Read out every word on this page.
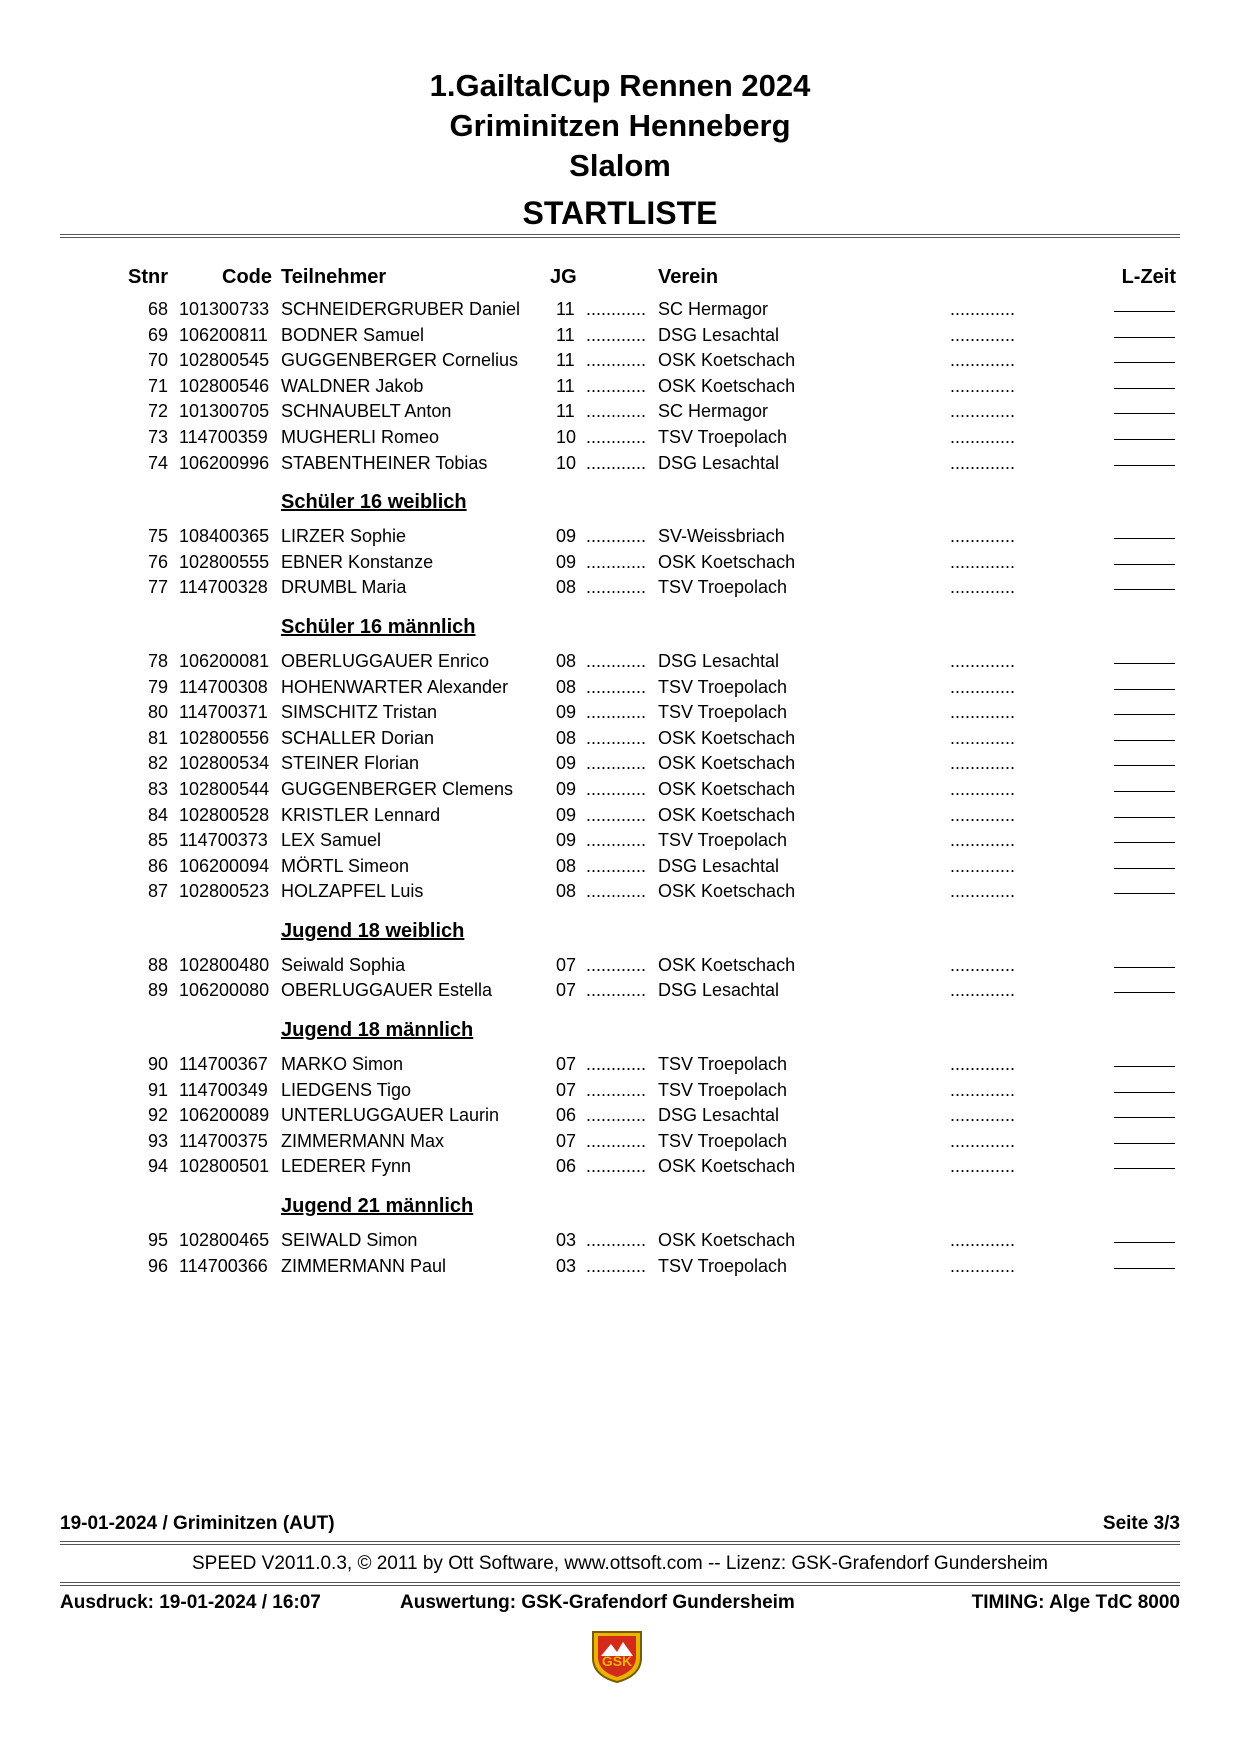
1.GailtalCup Rennen 2024
Griminitzen Henneberg
Slalom
STARTLISTE
Stnr	Code Teilnehmer	JG	Verein	L-Zeit
68 101300733 SCHNEIDERGRUBER Daniel 11 ............ SC Hermagor	.............
69 106200811 BODNER Samuel	11 ............ DSG Lesachtal	.............
70 102800545 GUGGENBERGER Cornelius 11 ............ OSK Koetschach	.............
71 102800546 WALDNER Jakob	11 ............ OSK Koetschach	.............
72 101300705 SCHNAUBELT Anton	11 ............ SC Hermagor	.............
73 114700359 MUGHERLI Romeo	10 ............ TSV Troepolach	.............
74 106200996 STABENTHEINER Tobias	10 ............ DSG Lesachtal	.............
Schüler 16 weiblich
75 108400365 LIRZER Sophie	09 ............ SV-Weissbriach	.............
76 102800555 EBNER Konstanze	09 ............ OSK Koetschach	.............
77 114700328 DRUMBL Maria	08 ............ TSV Troepolach	.............
Schüler 16 männlich
78 106200081 OBERLUGGAUER Enrico	08 ............ DSG Lesachtal	.............
79 114700308 HOHENWARTER Alexander	08 ............ TSV Troepolach	.............
80 114700371 SIMSCHITZ Tristan	09 ............ TSV Troepolach	.............
81 102800556 SCHALLER Dorian	08 ............ OSK Koetschach	.............
82 102800534 STEINER Florian	09 ............ OSK Koetschach	.............
83 102800544 GUGGENBERGER Clemens 09 ............ OSK Koetschach	.............
84 102800528 KRISTLER Lennard	09 ............ OSK Koetschach	.............
85 114700373 LEX Samuel	09 ............ TSV Troepolach	.............
86 106200094 MÖRTL Simeon	08 ............ DSG Lesachtal	.............
87 102800523 HOLZAPFEL Luis	08 ............ OSK Koetschach	.............
Jugend 18 weiblich
88 102800480 Seiwald Sophia	07 ............ OSK Koetschach	.............
89 106200080 OBERLUGGAUER Estella	07 ............ DSG Lesachtal	.............
Jugend 18 männlich
90 114700367 MARKO Simon	07 ............ TSV Troepolach	.............
91 114700349 LIEDGENS Tigo	07 ............ TSV Troepolach	.............
92 106200089 UNTERLUGGAUER Laurin	06 ............ DSG Lesachtal	.............
93 114700375 ZIMMERMANN Max	07 ............ TSV Troepolach	.............
94 102800501 LEDERER Fynn	06 ............ OSK Koetschach	.............
Jugend 21 männlich
95 102800465 SEIWALD Simon	03 ............ OSK Koetschach	.............
96 114700366 ZIMMERMANN Paul	03 ............ TSV Troepolach	.............
19-01-2024 / Griminitzen (AUT)	Seite 3/3
SPEED V2011.0.3, © 2011 by Ott Software, www.ottsoft.com -- Lizenz: GSK-Grafendorf Gundersheim
Ausdruck: 19-01-2024 / 16:07	Auswertung: GSK-Grafendorf Gundersheim	TIMING: Alge TdC 8000
GSK
